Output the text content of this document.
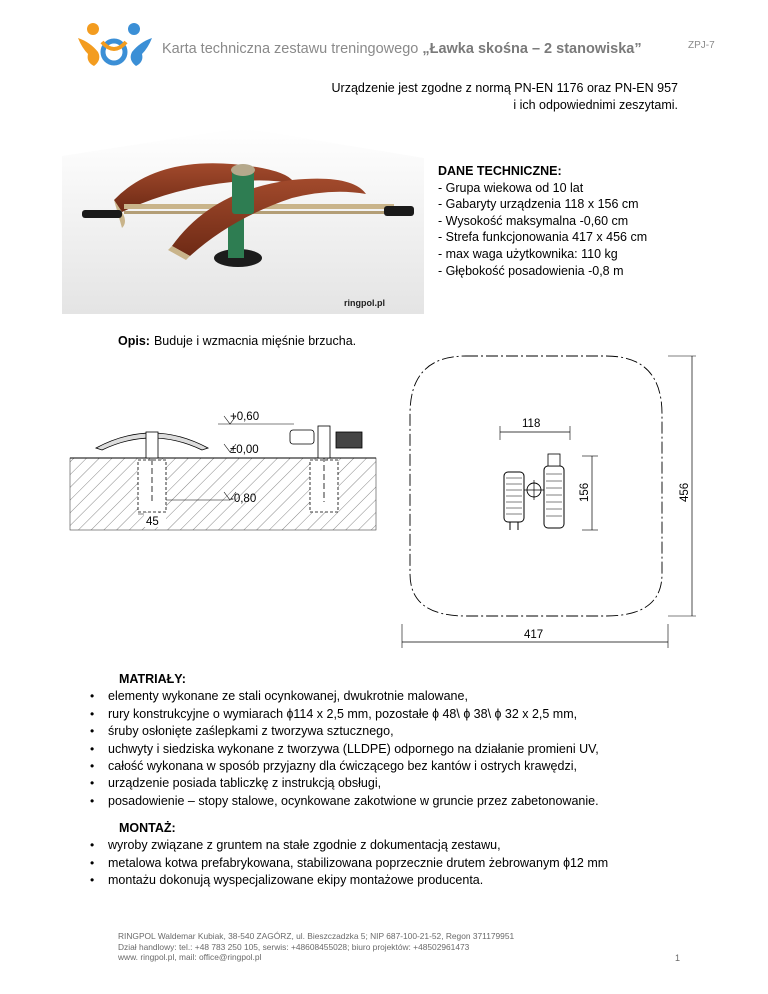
Karta techniczna zestawu treningowego „Ławka skośna – 2 stanowiska”	ZPJ-7
Urządzenie jest zgodne z normą PN-EN 1176 oraz PN-EN 957
i ich odpowiednimi zeszytami.
ringpol.pl
DANE TECHNICZNE:
- Grupa wiekowa od 10 lat
- Gabaryty urządzenia 118 x 156 cm
- Wysokość maksymalna -0,60 cm
- Strefa funkcjonowania 417 x 456 cm
- max waga użytkownika: 110 kg
- Głębokość posadowienia -0,8 m
Opis: Buduje i wzmacnia mięśnie brzucha.
+0,60
±0,00
-0,80
45
456
417
118
156
MATRIAŁY:
• elementy wykonane ze stali ocynkowanej, dwukrotnie malowane,
• rury konstrukcyjne o wymiarach ɸ114 x 2,5 mm, pozostałe ɸ 48\ ɸ 38\ ɸ 32 x 2,5 mm,
• śruby osłonięte zaślepkami z tworzywa sztucznego,
• uchwyty i siedziska wykonane z tworzywa (LLDPE) odpornego na działanie promieni UV,
• całość wykonana w sposób przyjazny dla ćwiczącego bez kantów i ostrych krawędzi,
• urządzenie posiada tabliczkę z instrukcją obsługi,
• posadowienie – stopy stalowe, ocynkowane zakotwione w gruncie przez zabetonowanie.
MONTAŻ:
• wyroby związane z gruntem na stałe zgodnie z dokumentacją zestawu,
• metalowa kotwa prefabrykowana, stabilizowana poprzecznie drutem żebrowanym ɸ12 mm
• montażu dokonują wyspecjalizowane ekipy montażowe producenta.
RINGPOL Waldemar Kubiak, 38-540 ZAGÓRZ, ul. Bieszczadzka 5; NIP 687-100-21-52, Regon 371179951
Dział handlowy: tel.: +48 783 250 105, serwis: +48608455028; biuro projektów: +48502961473
www. ringpol.pl, mail: office@ringpol.pl	1
